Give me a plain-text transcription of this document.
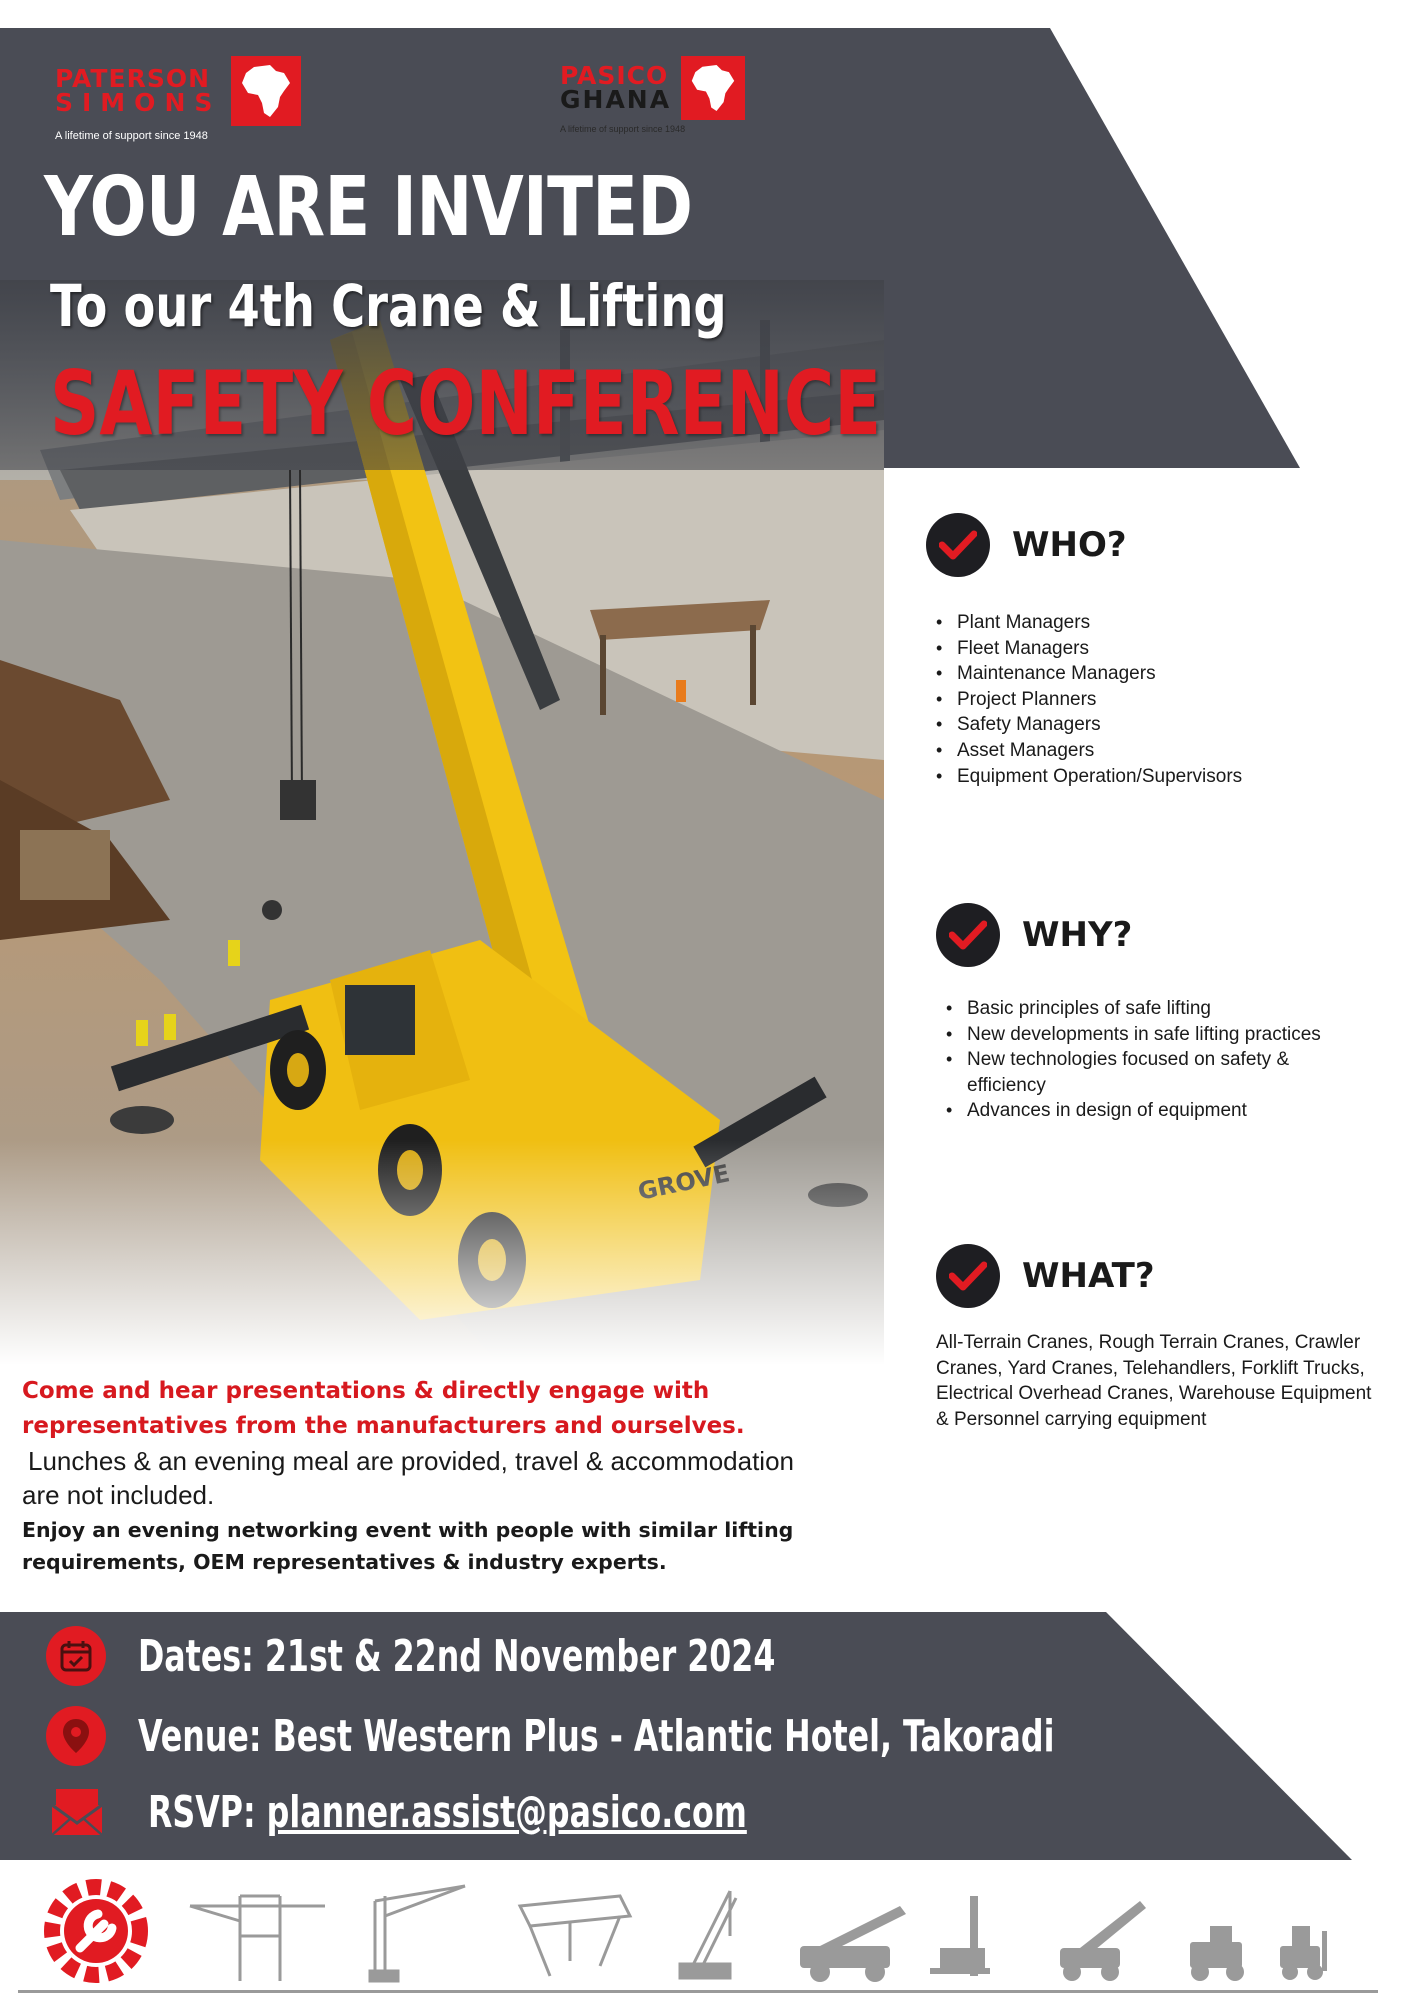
PATERSON
SIMONS
A lifetime of support since 1948
PASICO
GHANA
A lifetime of support since 1948
YOU ARE INVITED
To our 4th Crane & Lifting
SAFETY CONFERENCE
WHO?
• Plant Managers
• Fleet Managers
• Maintenance Managers
• Project Planners
• Safety Managers
• Asset Managers
• Equipment Operation/Supervisors
WHY?
• Basic principles of safe lifting
• New developments in safe lifting practices
• New technologies focused on safety & efficiency
• Advances in design of equipment
WHAT?

All-Terrain Cranes, Rough Terrain Cranes, Crawler Cranes, Yard Cranes, Telehandlers, Forklift Trucks, Electrical Overhead Cranes, Warehouse Equipment & Personnel carrying equipment

Come and hear presentations & directly engage with representatives from the manufacturers and ourselves.

Lunches & an evening meal are provided, travel & accommodation

are not included.

Enjoy an evening networking event with people with similar lifting requirements, OEM representatives & industry experts.

Dates: 21st & 22nd November 2024
Venue: Best Western Plus - Atlantic Hotel, Takoradi
RSVP: planner.assist@pasico.com
